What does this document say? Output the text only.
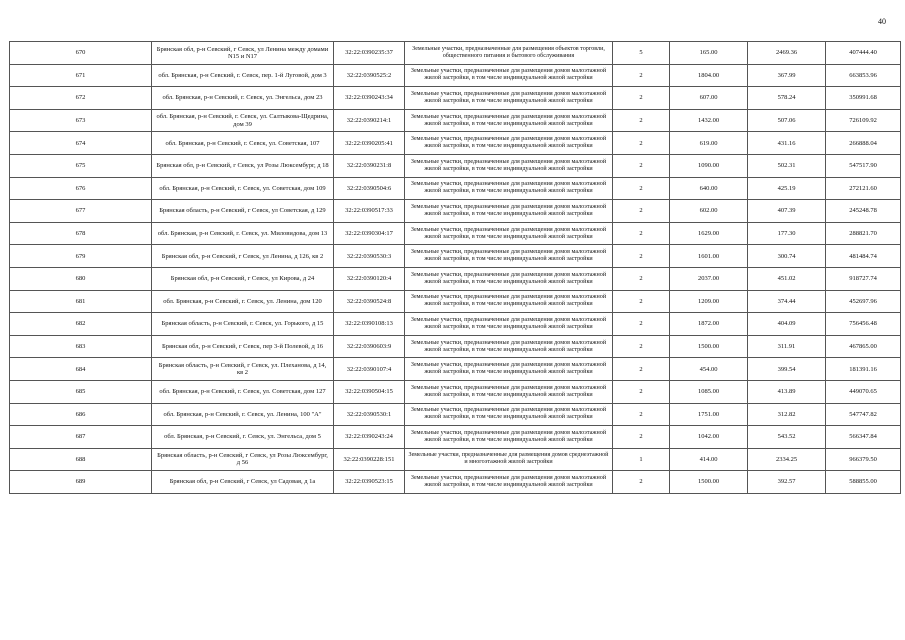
40
670	Брянская обл, р-н Севский, г Севск, ул Ленина между домами N15 и N17	32:22:0390235:37	Земельные участки, предназначенные для размещения объектов торговли, общественного питания и бытового обслуживания	5	165.00	2469.36	407444.40
671	обл. Брянская, р-н Севский, г. Севск, пер. 1-й Луговой, дом 3	32:22:0390525:2	Земельные участки, предназначенные для размещения домов малоэтажной жилой застройки, в том числе индивидуальной жилой застройки	2	1804.00	367.99	663853.96
672	обл. Брянская, р-н Севский, г. Севск, ул. Энгельса, дом 23	32:22:0390243:34	Земельные участки, предназначенные для размещения домов малоэтажной жилой застройки, в том числе индивидуальной жилой застройки	2	607.00	578.24	350991.68
673	обл. Брянская, р-н Севский, г. Севск, ул. Салтыкова-Щедрина, дом 39	32:22:0390214:1	Земельные участки, предназначенные для размещения домов малоэтажной жилой застройки, в том числе индивидуальной жилой застройки	2	1432.00	507.06	726109.92
674	обл. Брянская, р-н Севский, г. Севск, ул. Советская, 107	32:22:0390205:41	Земельные участки, предназначенные для размещения домов малоэтажной жилой застройки, в том числе индивидуальной жилой застройки	2	619.00	431.16	266888.04
675	Брянская обл, р-н Севский, г Севск, ул Розы Люксембург, д 18	32:22:0390231:8	Земельные участки, предназначенные для размещения домов малоэтажной жилой застройки, в том числе индивидуальной жилой застройки	2	1090.00	502.31	547517.90
676	обл. Брянская, р-н Севский, г. Севск, ул. Советская, дом 109	32:22:0390504:6	Земельные участки, предназначенные для размещения домов малоэтажной жилой застройки, в том числе индивидуальной жилой застройки	2	640.00	425.19	272121.60
677	Брянская область, р-н Севский, г Севск, ул Советская, д 129	32:22:0390517:33	Земельные участки, предназначенные для размещения домов малоэтажной жилой застройки, в том числе индивидуальной жилой застройки	2	602.00	407.39	245248.78
678	обл. Брянская, р-н Севский, г. Севск, ул. Миловидова, дом 13	32:22:0390304:17	Земельные участки, предназначенные для размещения домов малоэтажной жилой застройки, в том числе индивидуальной жилой застройки	2	1629.00	177.30	288821.70
679	Брянская обл, р-н Севский, г Севск, ул Ленина, д 126, кв 2	32:22:0390530:3	Земельные участки, предназначенные для размещения домов малоэтажной жилой застройки, в том числе индивидуальной жилой застройки	2	1601.00	300.74	481484.74
680	Брянская обл, р-н Севский, г Севск, ул Кирова, д 24	32:22:0390120:4	Земельные участки, предназначенные для размещения домов малоэтажной жилой застройки, в том числе индивидуальной жилой застройки	2	2037.00	451.02	918727.74
681	обл. Брянская, р-н Севский, г. Севск, ул. Ленина, дом 120	32:22:0390524:8	Земельные участки, предназначенные для размещения домов малоэтажной жилой застройки, в том числе индивидуальной жилой застройки	2	1209.00	374.44	452697.96
682	Брянская область, р-н Севский, г. Севск, ул. Горького, д 15	32:22:0390108:13	Земельные участки, предназначенные для размещения домов малоэтажной жилой застройки, в том числе индивидуальной жилой застройки	2	1872.00	404.09	756456.48
683	Брянская обл, р-н Севский, г Севск, пер 3-й Полевой, д 16	32:22:0390603:9	Земельные участки, предназначенные для размещения домов малоэтажной жилой застройки, в том числе индивидуальной жилой застройки	2	1500.00	311.91	467865.00
684	Брянская область, р-н Севский, г Севск, ул. Плеханова, д 14, кв 2	32:22:0390107:4	Земельные участки, предназначенные для размещения домов малоэтажной жилой застройки, в том числе индивидуальной жилой застройки	2	454.00	399.54	181391.16
685	обл. Брянская, р-н Севский, г. Севск, ул. Советская, дом 127	32:22:0390504:15	Земельные участки, предназначенные для размещения домов малоэтажной жилой застройки, в том числе индивидуальной жилой застройки	2	1085.00	413.89	449070.65
686	обл. Брянская, р-н Севский, г. Севск, ул. Ленина, 100 "А"	32:22:0390530:1	Земельные участки, предназначенные для размещения домов малоэтажной жилой застройки, в том числе индивидуальной жилой застройки	2	1751.00	312.82	547747.82
687	обл. Брянская, р-н Севский, г. Севск, ул. Энгельса, дом 5	32:22:0390243:24	Земельные участки, предназначенные для размещения домов малоэтажной жилой застройки, в том числе индивидуальной жилой застройки	2	1042.00	543.52	566347.84
688	Брянская область, р-н Севский, г Севск, ул Розы Люксембург, д 56	32:22:0390228:151	Земельные участки, предназначенные для размещения домов среднеэтажной и многоэтажной жилой застройки	1	414.00	2334.25	966379.50
689	Брянская обл, р-н Севский, г Севск, ул Садовая, д 1а	32:22:0390523:15	Земельные участки, предназначенные для размещения домов малоэтажной жилой застройки, в том числе индивидуальной жилой застройки	2	1500.00	392.57	588855.00
